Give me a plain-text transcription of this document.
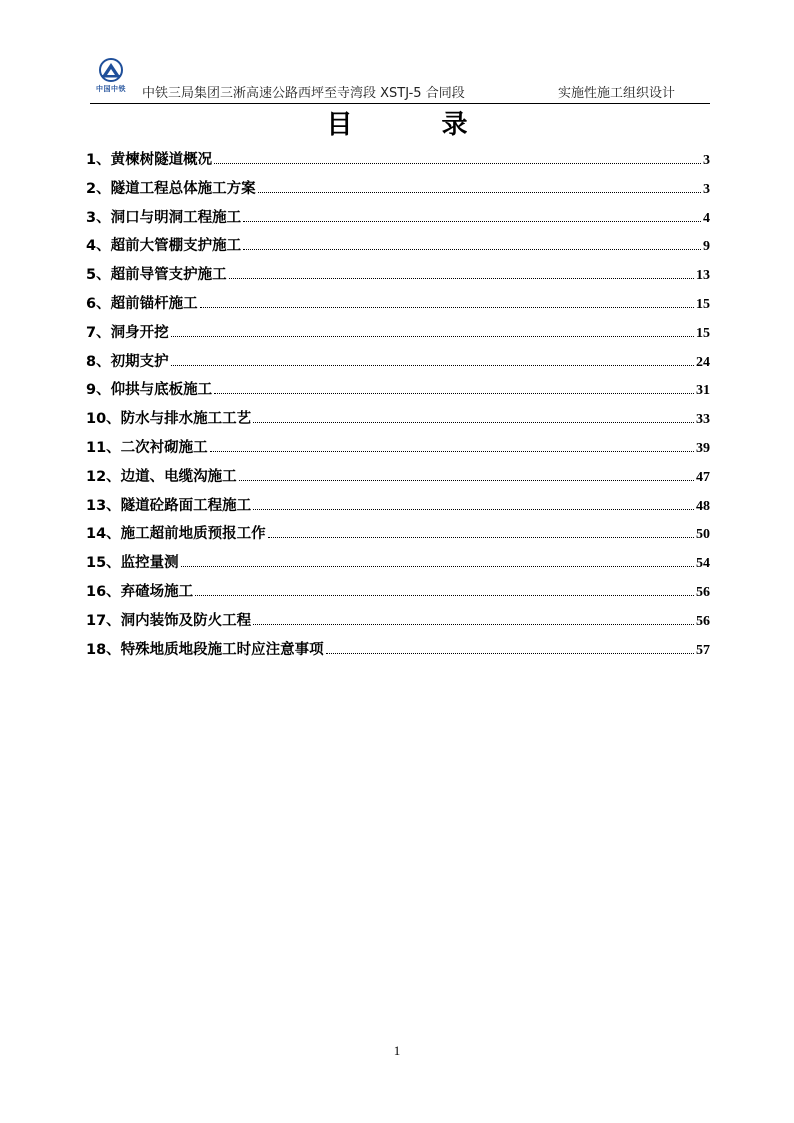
中国中铁	中铁三局集团三淅高速公路西坪至寺湾段 XSTJ-5 合同段	实施性施工组织设计
目 录
1、黄楝树隧道概况	3
2、隧道工程总体施工方案	3
3、洞口与明洞工程施工	4
4、超前大管棚支护施工	9
5、超前导管支护施工	13
6、超前锚杆施工	15
7、洞身开挖	15
8、初期支护	24
9、仰拱与底板施工	31
10、防水与排水施工工艺	33
11、二次衬砌施工	39
12、边道、电缆沟施工	47
13、隧道砼路面工程施工	48
14、施工超前地质预报工作	50
15、监控量测	54
16、弃碴场施工	56
17、洞内装饰及防火工程	56
18、特殊地质地段施工时应注意事项	57
1
